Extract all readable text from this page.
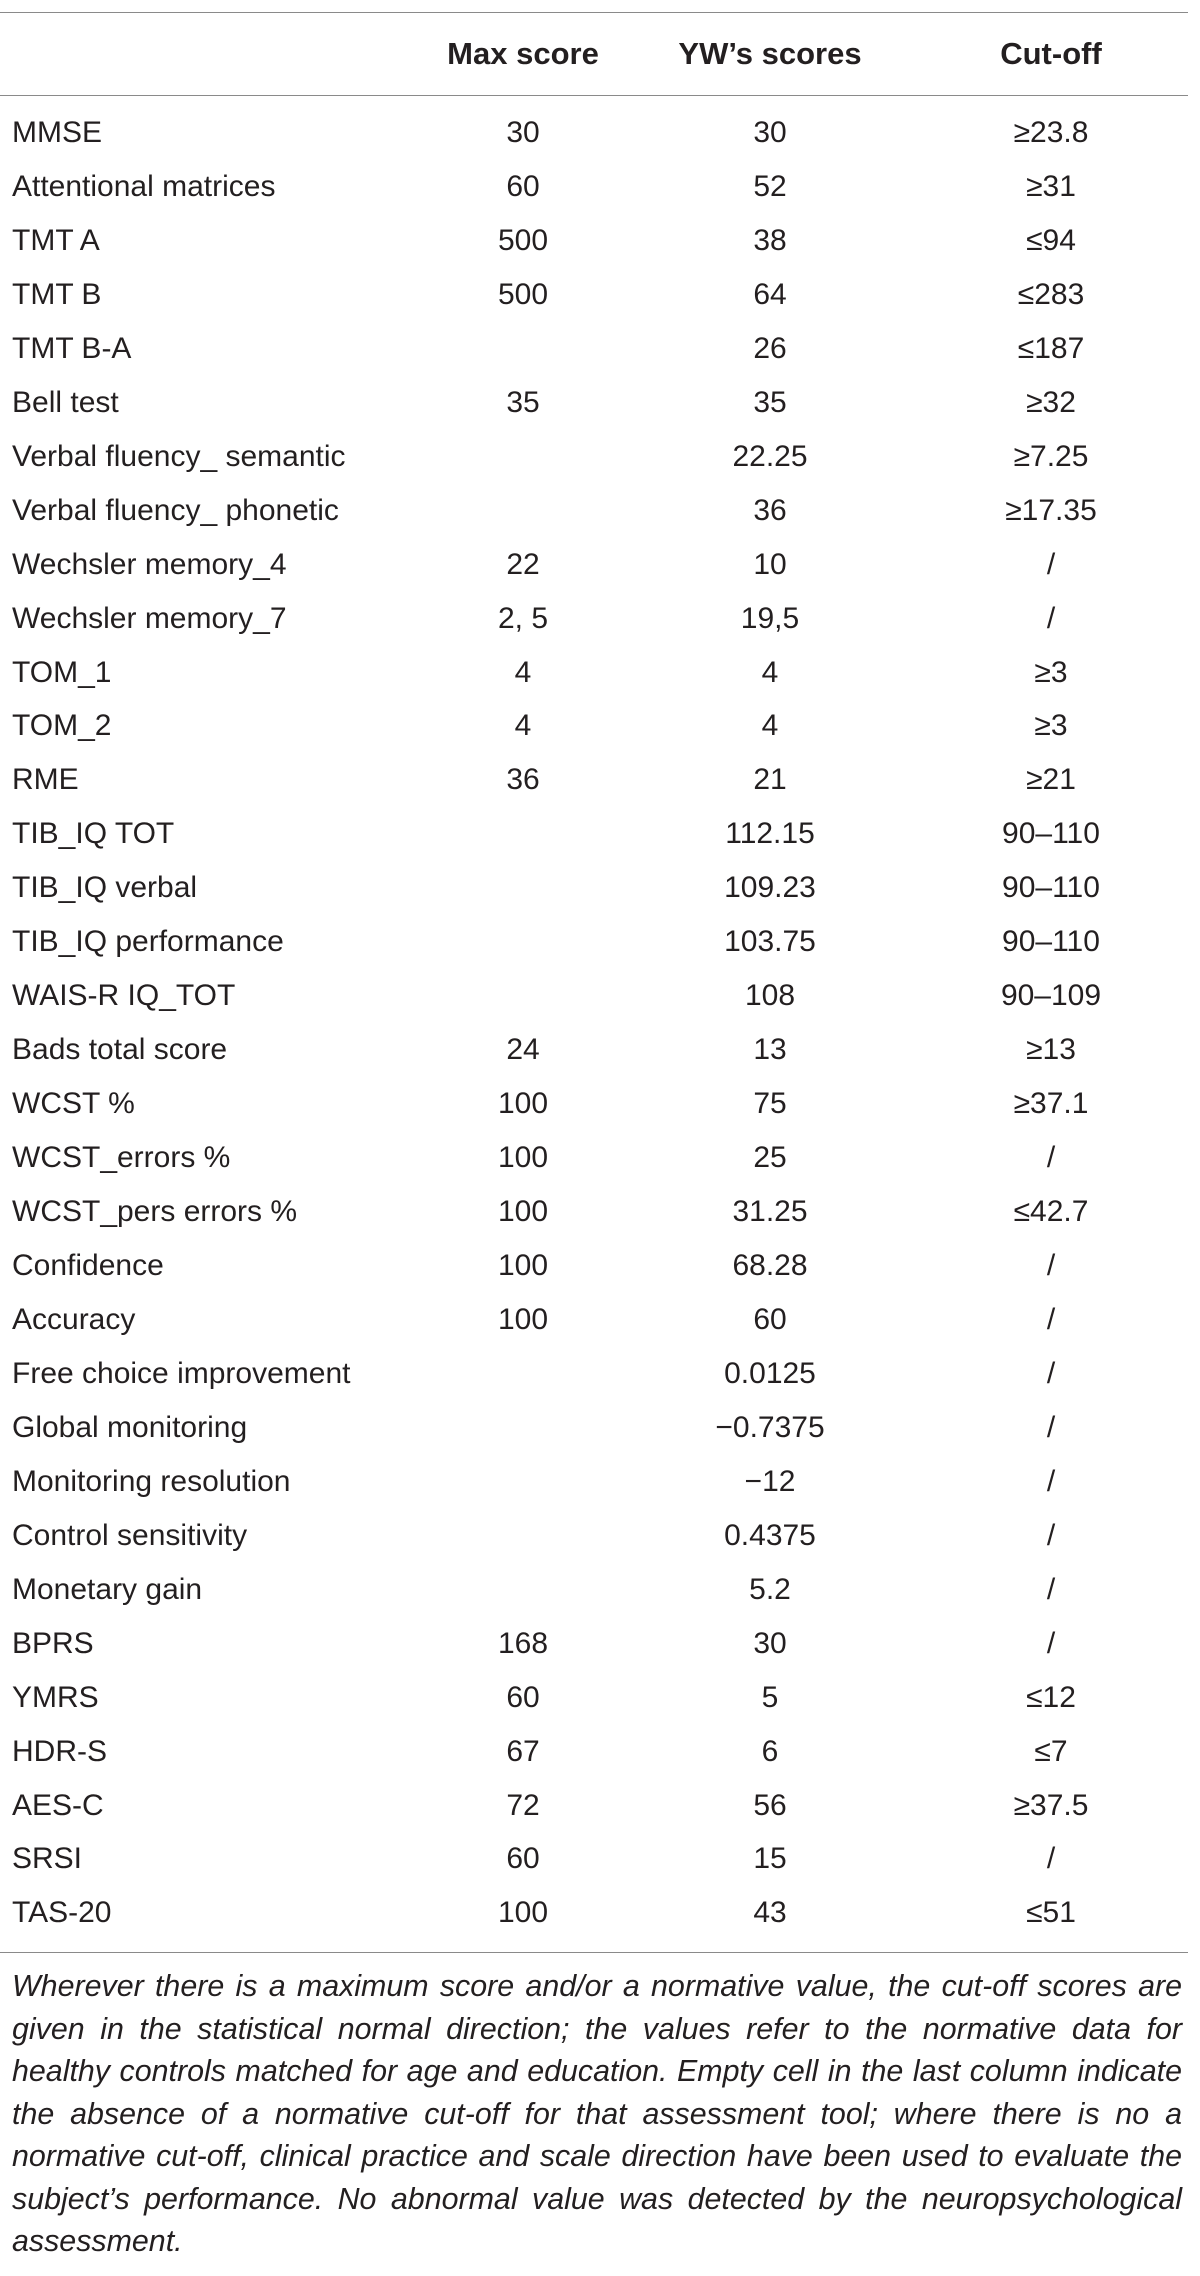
	Max score	YW’s scores	Cut-off
MMSE	30	30	≥23.8
Attentional matrices	60	52	≥31
TMT A	500	38	≤94
TMT B	500	64	≤283
TMT B-A		26	≤187
Bell test	35	35	≥32
Verbal fluency_ semantic		22.25	≥7.25
Verbal fluency_ phonetic		36	≥17.35
Wechsler memory_4	22	10	/
Wechsler memory_7	2, 5	19,5	/
TOM_1	4	4	≥3
TOM_2	4	4	≥3
RME	36	21	≥21
TIB_IQ TOT		112.15	90–110
TIB_IQ verbal		109.23	90–110
TIB_IQ performance		103.75	90–110
WAIS-R IQ_TOT		108	90–109
Bads total score	24	13	≥13
WCST %	100	75	≥37.1
WCST_errors %	100	25	/
WCST_pers errors %	100	31.25	≤42.7
Confidence	100	68.28	/
Accuracy	100	60	/
Free choice improvement		0.0125	/
Global monitoring		−0.7375	/
Monitoring resolution		−12	/
Control sensitivity		0.4375	/
Monetary gain		5.2	/
BPRS	168	30	/
YMRS	60	5	≤12
HDR-S	67	6	≤7
AES-C	72	56	≥37.5
SRSI	60	15	/
TAS-20	100	43	≤51

Wherever there is a maximum score and/or a normative value, the cut-off scores are given in the statistical normal direction; the values refer to the normative data for healthy controls matched for age and education. Empty cell in the last column indicate the absence of a normative cut-off for that assessment tool; where there is no a normative cut-off, clinical practice and scale direction have been used to evaluate the subject’s performance. No abnormal value was detected by the neuropsychological assessment.
